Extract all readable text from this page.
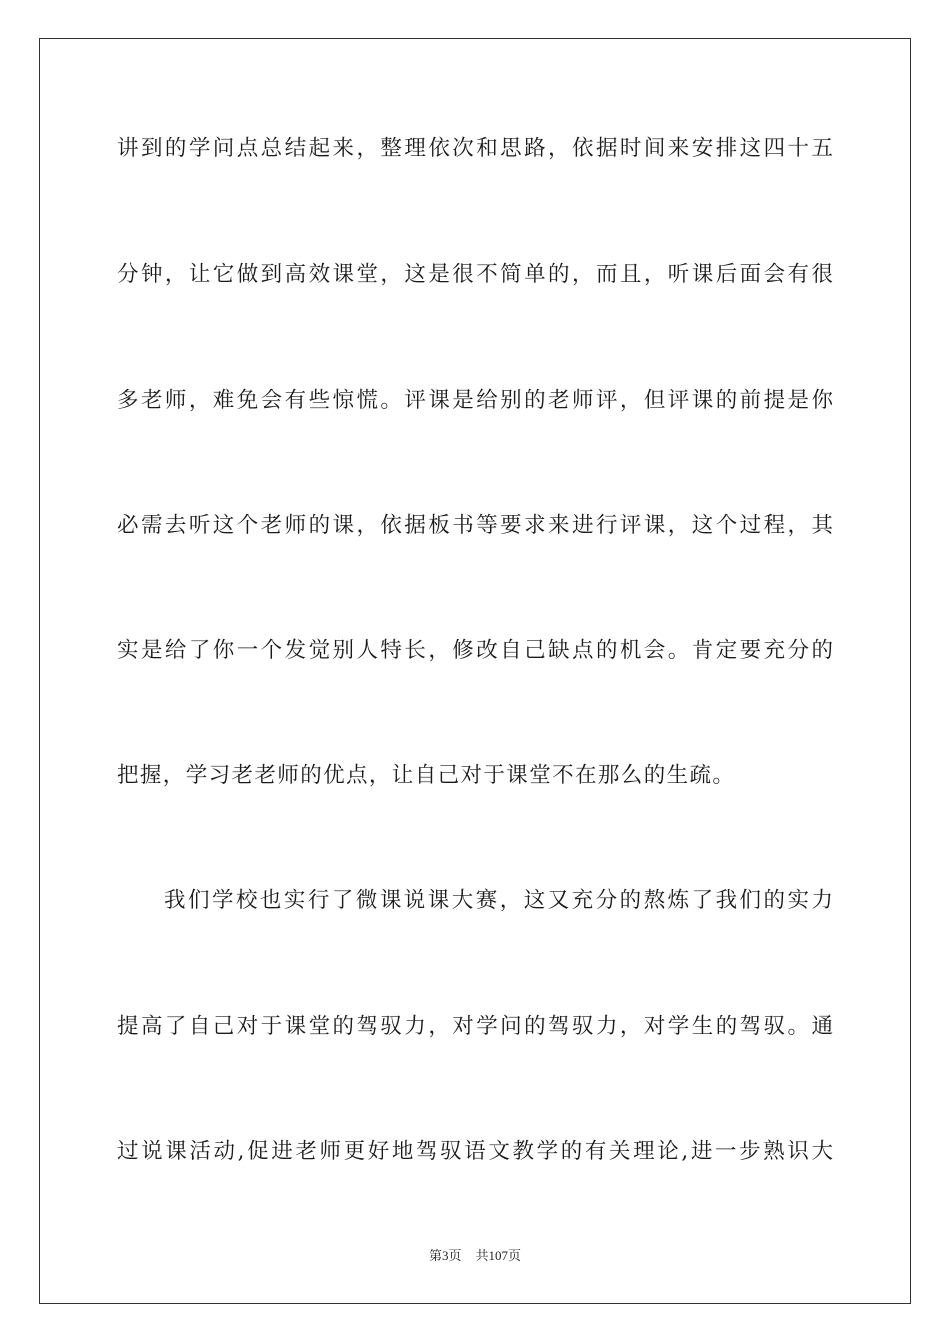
讲到的学问点总结起来，整理依次和思路，依据时间来安排这四十五
分钟，让它做到高效课堂，这是很不简单的，而且，听课后面会有很
多老师，难免会有些惊慌。评课是给别的老师评，但评课的前提是你
必需去听这个老师的课，依据板书等要求来进行评课，这个过程，其
实是给了你一个发觉别人特长，修改自己缺点的机会。肯定要充分的
把握，学习老老师的优点，让自己对于课堂不在那么的生疏。
我们学校也实行了微课说课大赛，这又充分的熬炼了我们的实力
提高了自己对于课堂的驾驭力，对学问的驾驭力，对学生的驾驭。通
过说课活动,促进老师更好地驾驭语文教学的有关理论,进一步熟识大
第3页 共107页
